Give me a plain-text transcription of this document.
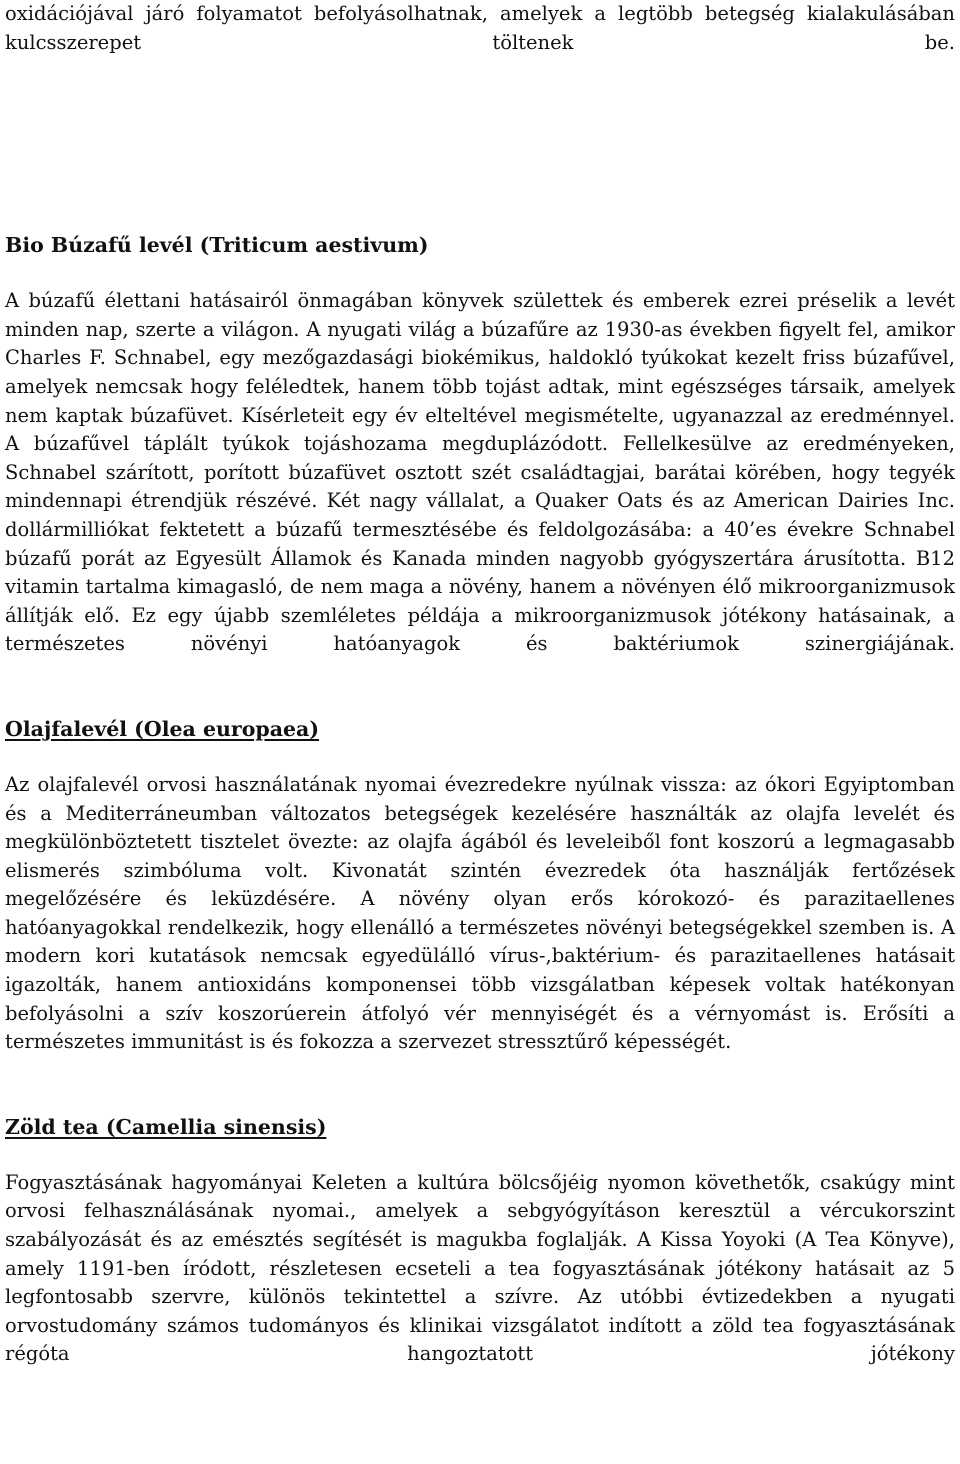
oxidációjával járó folyamatot befolyásolhatnak, amelyek a legtöbb betegség kialakulásában kulcsszerepet töltenek be.

Bio Búzafű levél (Triticum aestivum)

A búzafű élettani hatásairól önmagában könyvek születtek és emberek ezrei préselik a levét minden nap, szerte a világon. A nyugati világ a búzafűre az 1930-as években figyelt fel, amikor Charles F. Schnabel, egy mezőgazdasági biokémikus, haldokló tyúkokat kezelt friss búzafűvel, amelyek nemcsak hogy feléledtek, hanem több tojást adtak, mint egészséges társaik, amelyek nem kaptak búzafüvet. Kísérleteit egy év elteltével megismételte, ugyanazzal az eredménnyel. A búzafűvel táplált tyúkok tojáshozama megduplázódott. Fellelkesülve az eredményeken, Schnabel szárított, porított búzafüvet osztott szét családtagjai, barátai körében, hogy tegyék mindennapi étrendjük részévé. Két nagy vállalat, a Quaker Oats és az American Dairies Inc. dollármilliókat fektetett a búzafű termesztésébe és feldolgozásába: a 40’es évekre Schnabel búzafű porát az Egyesült Államok és Kanada minden nagyobb gyógyszertára árusította. B12 vitamin tartalma kimagasló, de nem maga a növény, hanem a növényen élő mikroorganizmusok állítják elő. Ez egy újabb szemléletes példája a mikroorganizmusok jótékony hatásainak, a természetes növényi hatóanyagok és baktériumok szinergiájának.

Olajfalevél (Olea europaea)

Az olajfalevél orvosi használatának nyomai évezredekre nyúlnak vissza: az ókori Egyiptomban és a Mediterráneumban változatos betegségek kezelésére használták az olajfa levelét és megkülönböztetett tisztelet övezte: az olajfa ágából és leveleiből font koszorú a legmagasabb elismerés szimbóluma volt. Kivonatát szintén évezredek óta használják fertőzések megelőzésére és leküzdésére. A növény olyan erős kórokozó- és parazitaellenes hatóanyagokkal rendelkezik, hogy ellenálló a természetes növényi betegségekkel szemben is. A modern kori kutatások nemcsak egyedülálló vírus-,baktérium- és parazitaellenes hatásait igazolták, hanem antioxidáns komponensei több vizsgálatban képesek voltak hatékonyan befolyásolni a szív koszorúerein átfolyó vér mennyiségét és a vérnyomást is. Erősíti a természetes immunitást is és fokozza a szervezet stressztűrő képességét.

Zöld tea (Camellia sinensis)

Fogyasztásának hagyományai Keleten a kultúra bölcsőjéig nyomon követhetők, csakúgy mint orvosi felhasználásának nyomai., amelyek a sebgyógyításon keresztül a vércukorszint szabályozását és az emésztés segítését is magukba foglalják. A Kissa Yoyoki (A Tea Könyve), amely 1191-ben íródott, részletesen ecseteli a tea fogyasztásának jótékony hatásait az 5 legfontosabb szervre, különös tekintettel a szívre. Az utóbbi évtizedekben a nyugati orvostudomány számos tudományos és klinikai vizsgálatot indított a zöld tea fogyasztásának régóta hangoztatott jótékony
